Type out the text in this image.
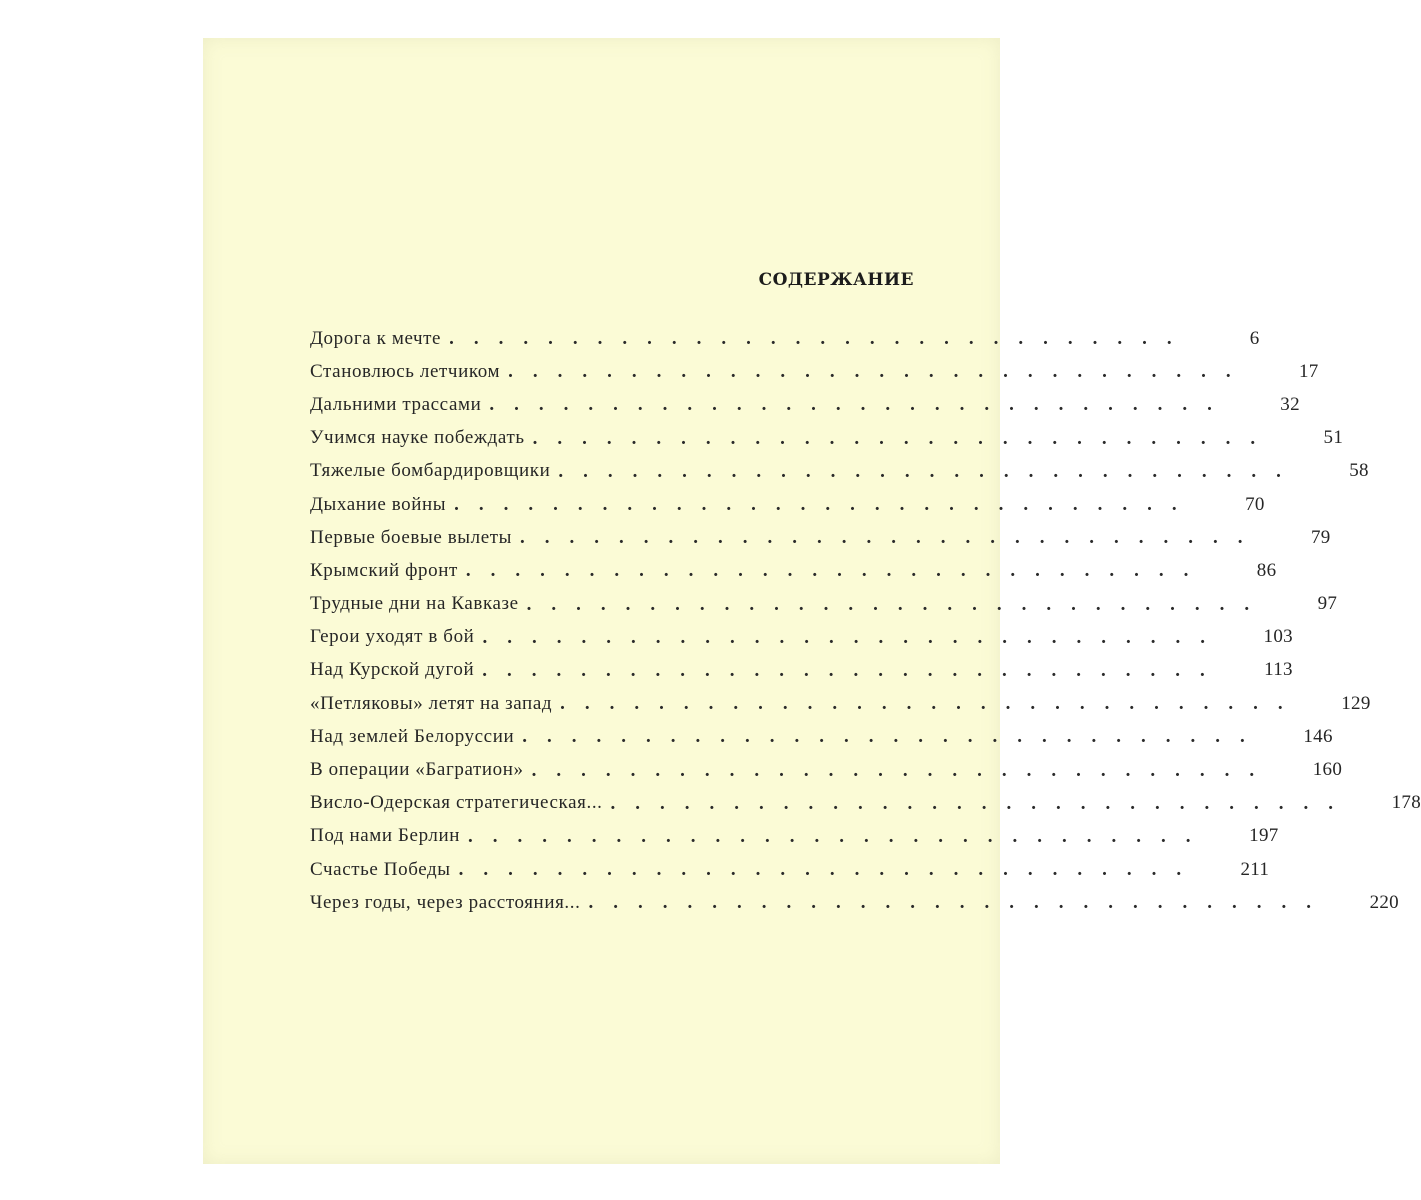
СОДЕРЖАНИЕ
Дорога к мечте ..............................	6
Становлюсь летчиком ..............................	17
Дальними трассами ..............................	32
Учимся науке побеждать ..............................	51
Тяжелые бомбардировщики ..............................	58
Дыхание войны ..............................	70
Первые боевые вылеты ..............................	79
Крымский фронт ..............................	86
Трудные дни на Кавказе ..............................	97
Герои уходят в бой ..............................	103
Над Курской дугой ..............................	113
«Петляковы» летят на запад ..............................	129
Над землей Белоруссии ..............................	146
В операции «Багратион» ..............................	160
Висло-Одерская стратегическая... ..............................	178
Под нами Берлин ..............................	197
Счастье Победы ..............................	211
Через годы, через расстояния... ..............................	220
